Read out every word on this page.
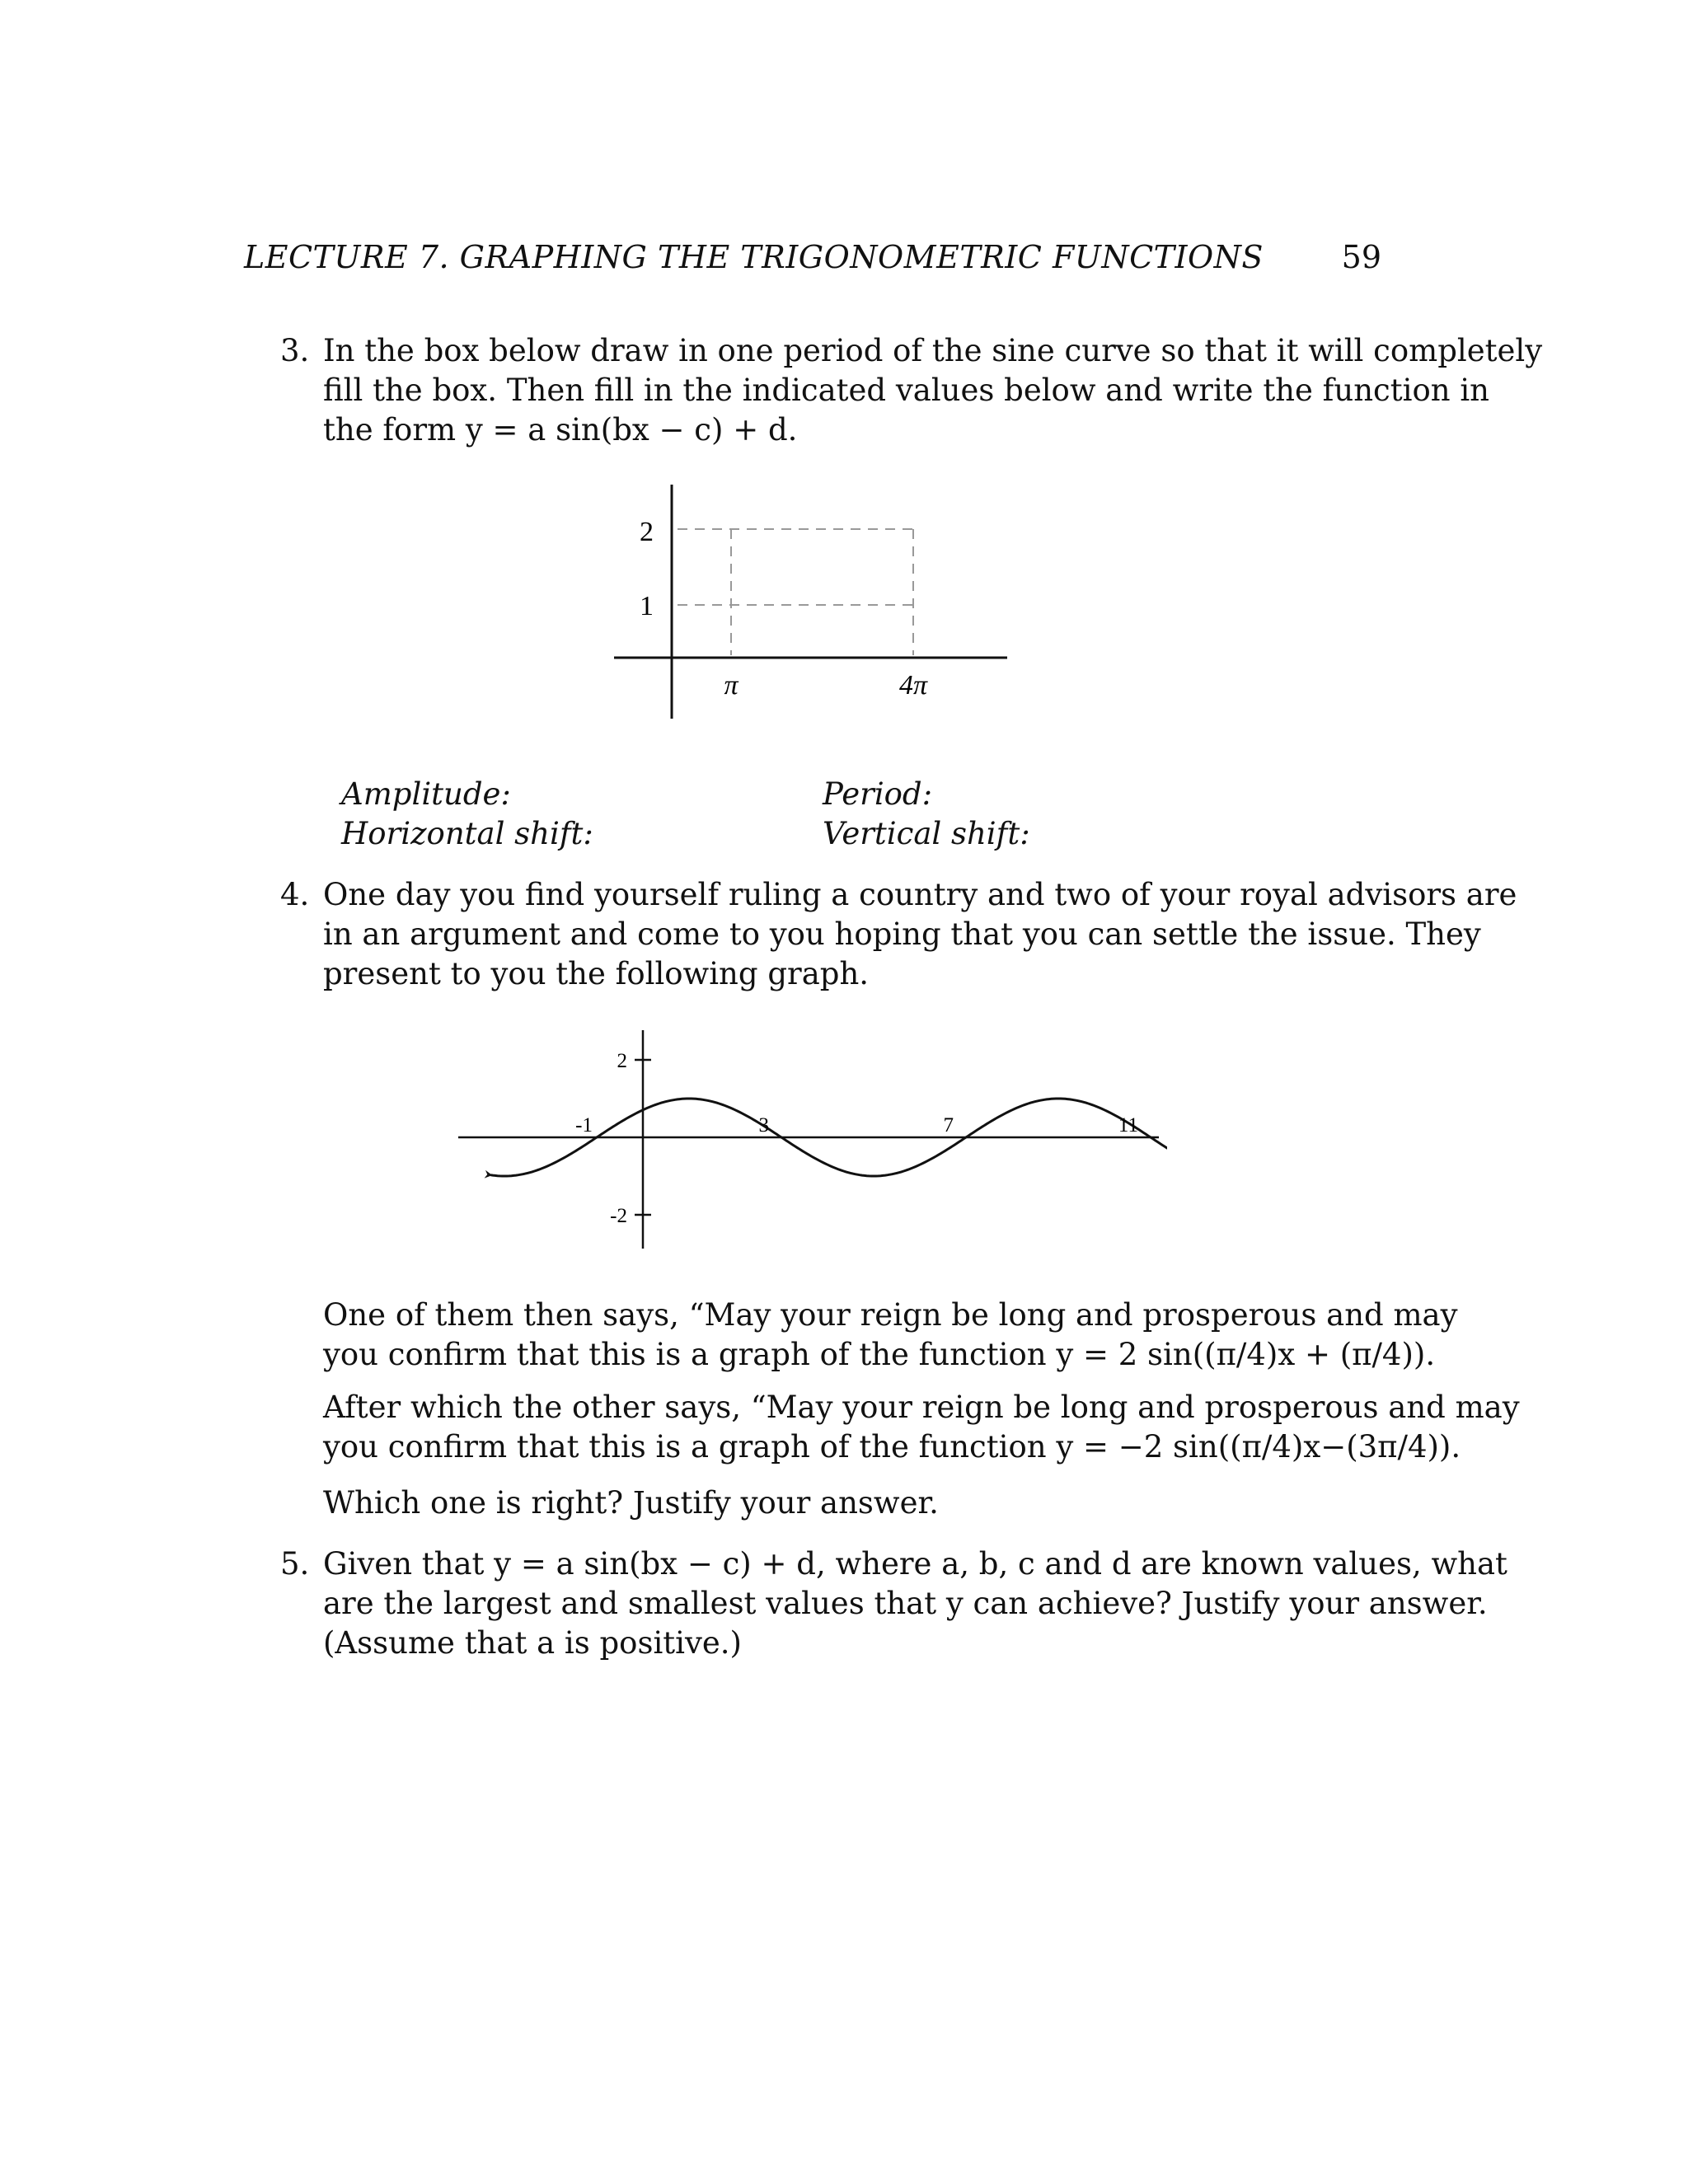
LECTURE 7. GRAPHING THE TRIGONOMETRIC FUNCTIONS 59
3. In the box below draw in one period of the sine curve so that it will completely
fill the box. Then fill in the indicated values below and write the function in
the form y = a sin(bx − c) + d.
2
1
π	4π
Amplitude:	Period:
Horizontal shift:	Vertical shift:
4. One day you find yourself ruling a country and two of your royal advisors are
in an argument and come to you hoping that you can settle the issue. They
present to you the following graph.
2
-2
-1	3	7	11
One of them then says, “May your reign be long and prosperous and may
you confirm that this is a graph of the function y = 2 sin((π/4)x + (π/4)).
After which the other says, “May your reign be long and prosperous and may
you confirm that this is a graph of the function y = −2 sin((π/4)x−(3π/4)).
Which one is right? Justify your answer.
5. Given that y = a sin(bx − c) + d, where a, b, c and d are known values, what
are the largest and smallest values that y can achieve? Justify your answer.
(Assume that a is positive.)
